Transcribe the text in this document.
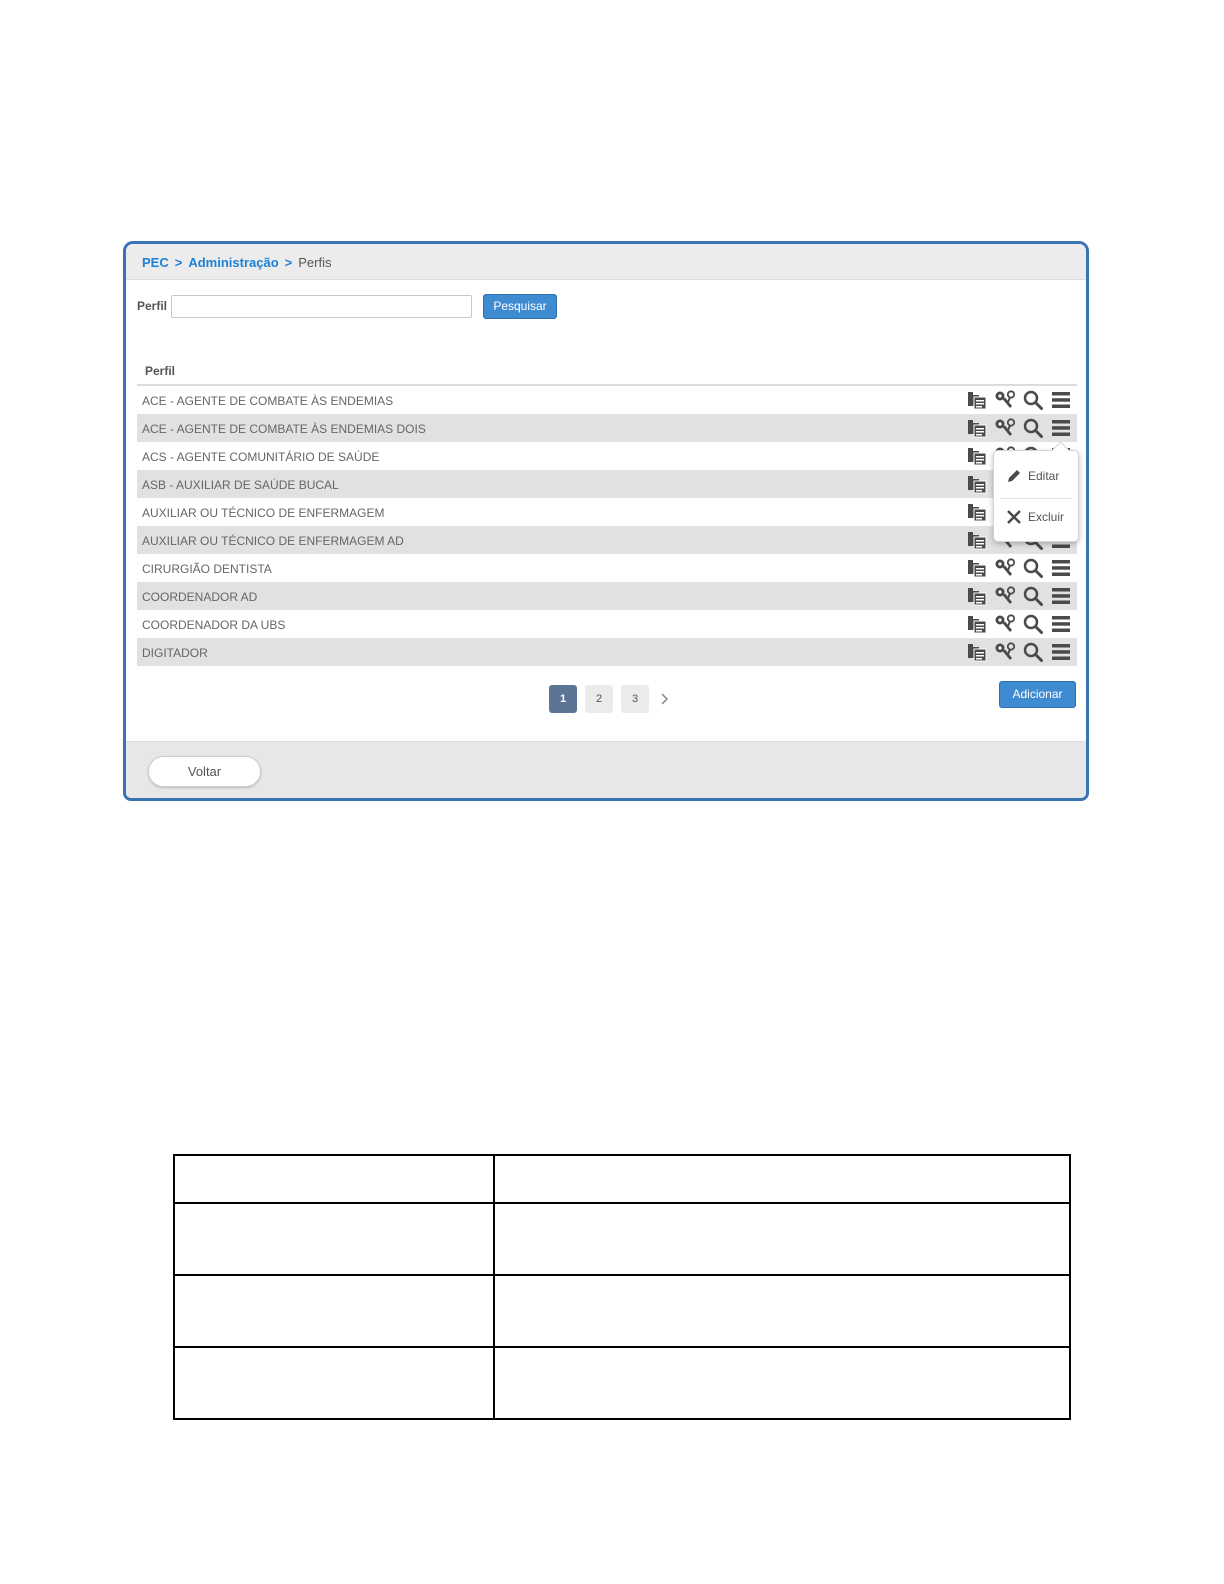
PEC > Administração > Perfis
Perfil	Pesquisar
Perfil
ACE - AGENTE DE COMBATE ÀS ENDEMIAS
ACE - AGENTE DE COMBATE ÀS ENDEMIAS DOIS
ACS - AGENTE COMUNITÁRIO DE SAÚDE
ASB - AUXILIAR DE SAÚDE BUCAL
AUXILIAR OU TÉCNICO DE ENFERMAGEM
AUXILIAR OU TÉCNICO DE ENFERMAGEM AD
CIRURGIÃO DENTISTA
COORDENADOR AD
COORDENADOR DA UBS
DIGITADOR
Editar
Excluir
1	2	3	Adicionar
Voltar
